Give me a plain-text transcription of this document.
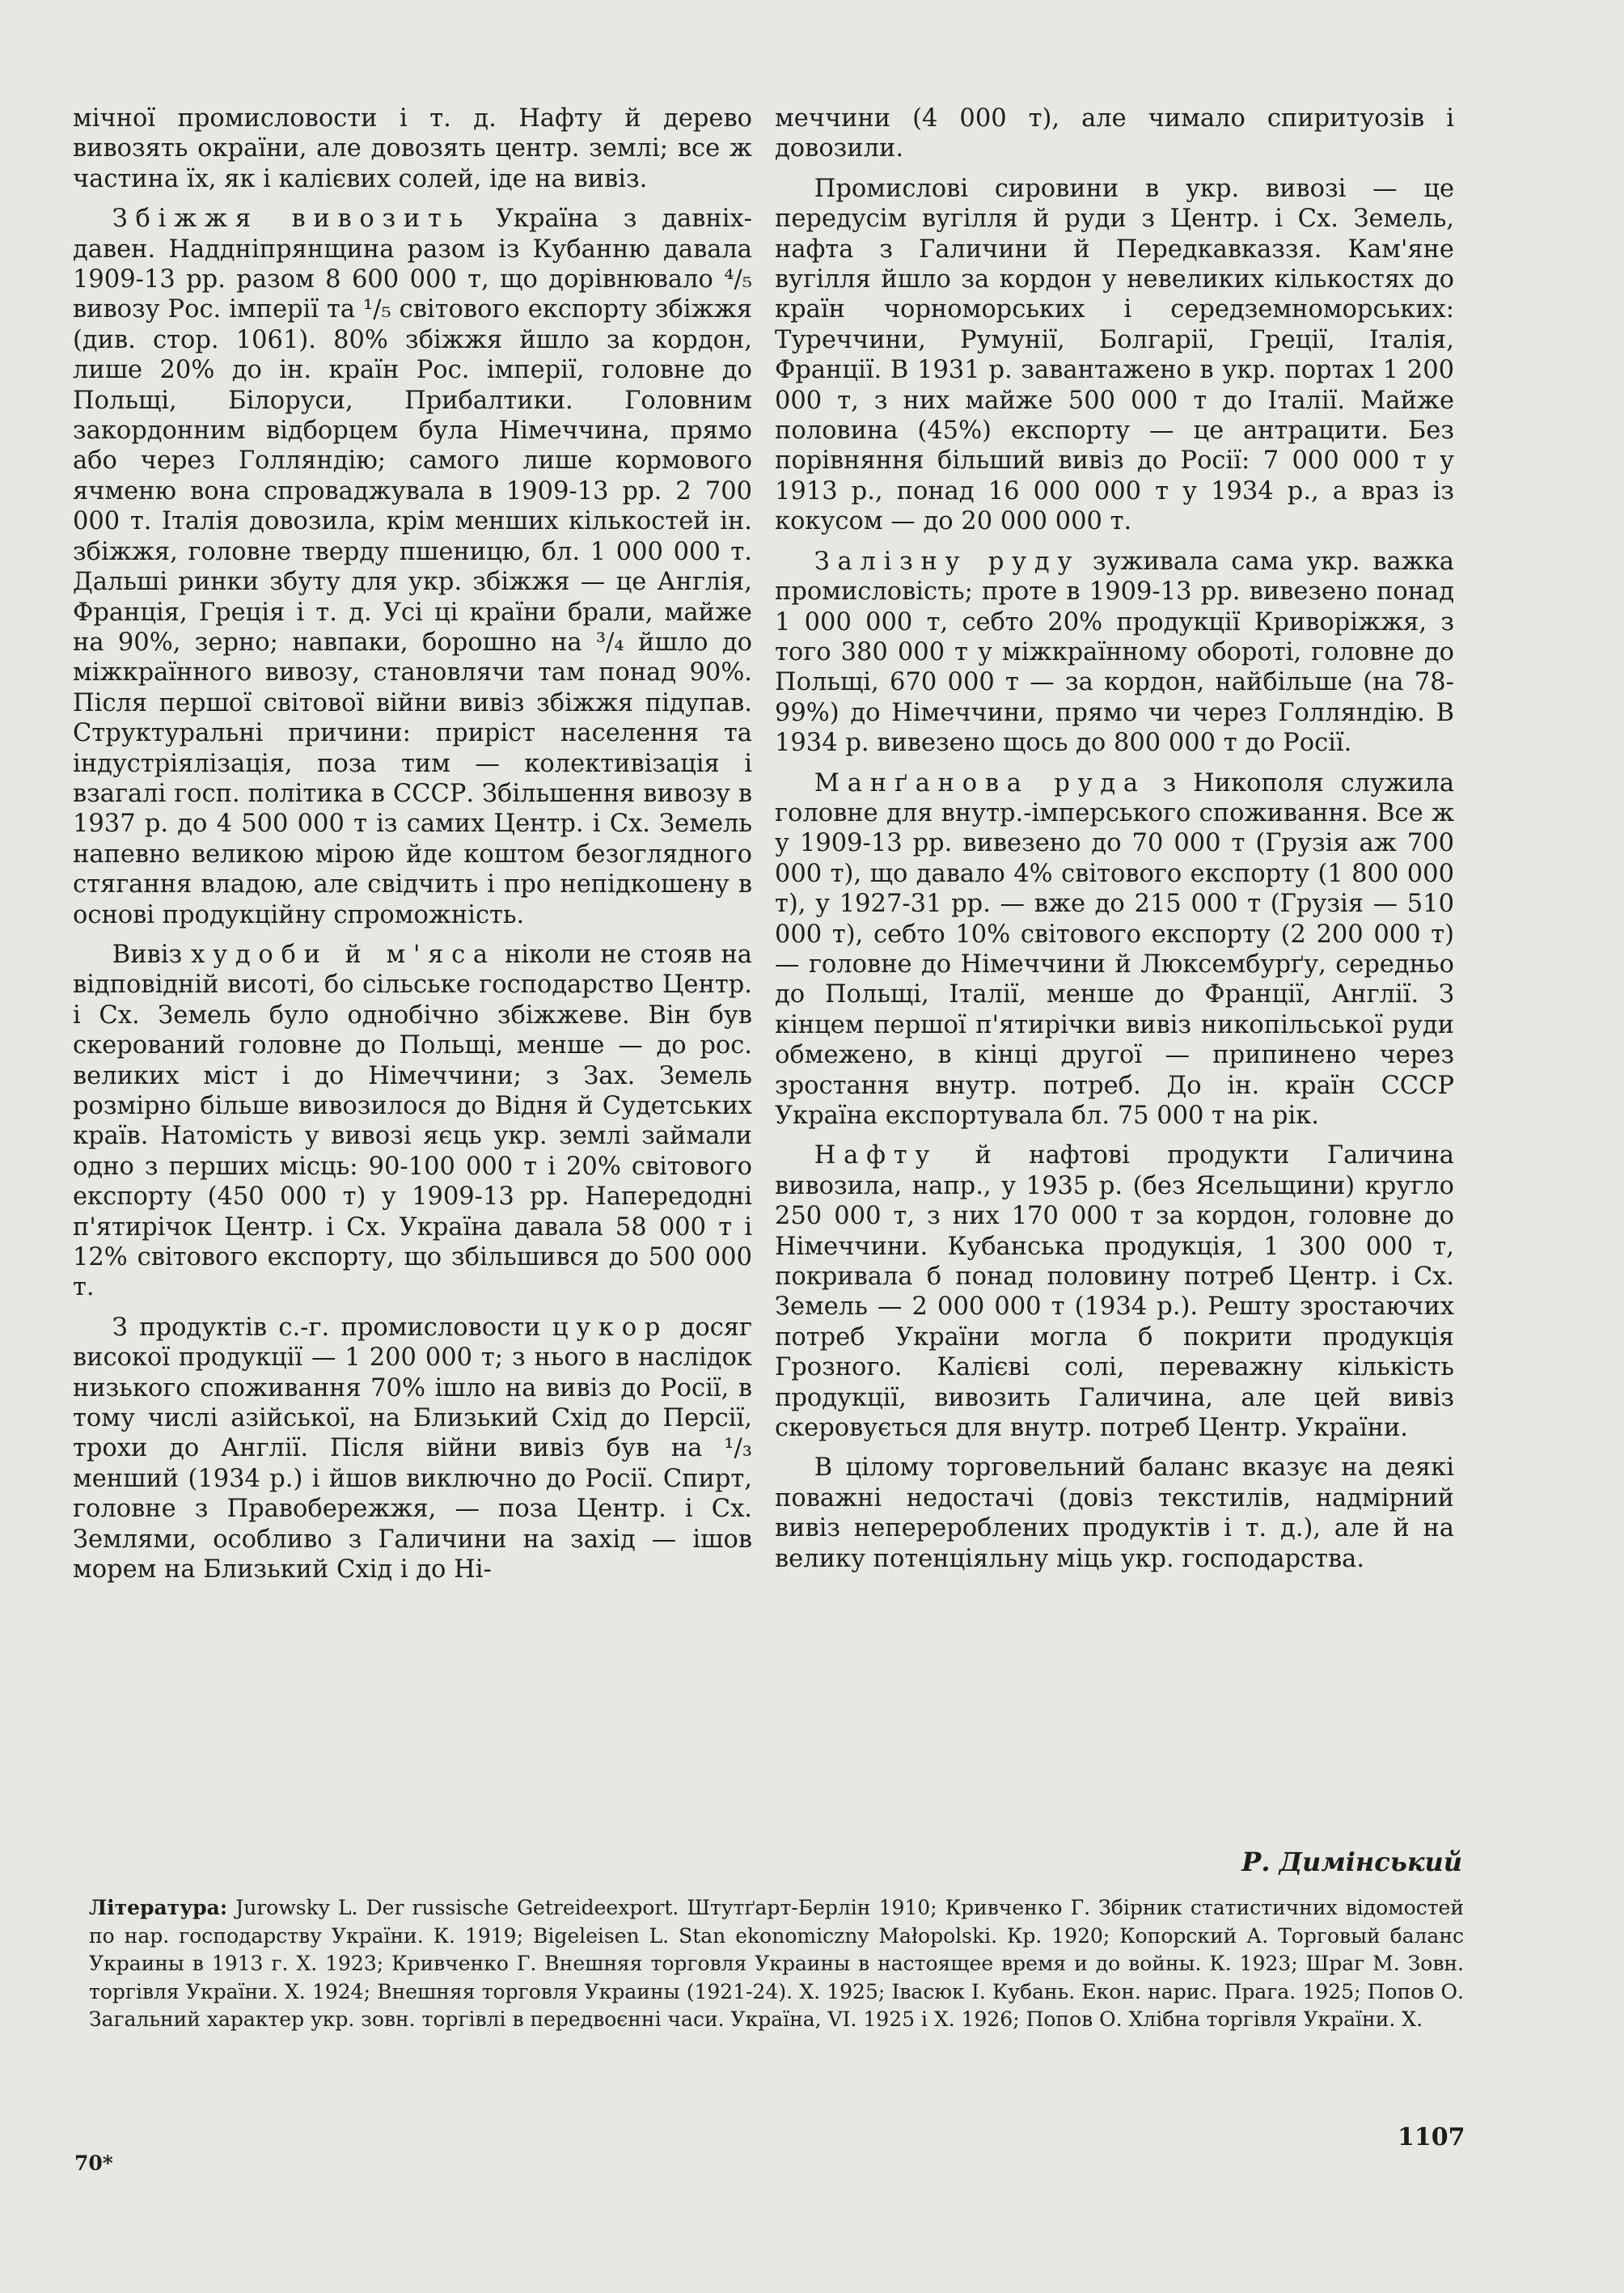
мічної промисловости і т. д. Нафту й дерево вивозять окраїни, але довозять центр. землі; все ж частина їх, як і калієвих солей, іде на вивіз.

Збіжжя вивозить Україна з давніх-давен. Наддніпрянщина разом із Кубанню давала 1909-13 рр. разом 8 600 000 т, що дорівнювало ⁴/₅ вивозу Рос. імперії та ¹/₅ світового експорту збіжжя (див. стор. 1061). 80% збіжжя йшло за кордон, лише 20% до ін. країн Рос. імперії, головне до Польщі, Білоруси, Прибалтики. Головним закордонним відборцем була Німеччина, прямо або через Голляндію; самого лише кормового ячменю вона спроваджувала в 1909-13 рр. 2 700 000 т. Італія довозила, крім менших кількостей ін. збіжжя, головне тверду пшеницю, бл. 1 000 000 т. Дальші ринки збуту для укр. збіжжя — це Англія, Франція, Греція і т. д. Усі ці країни брали, майже на 90%, зерно; навпаки, борошно на ³/₄ йшло до міжкраїнного вивозу, становлячи там понад 90%. Після першої світової війни вивіз збіжжя підупав. Структуральні причини: приріст населення та індустріялізація, поза тим — колективізація і взагалі госп. політика в СССР. Збільшення вивозу в 1937 р. до 4 500 000 т із самих Центр. і Сх. Земель напевно великою мірою йде коштом безоглядного стягання владою, але свідчить і про непідкошену в основі продукційну спроможність.

Вивіз худоби й м'яса ніколи не стояв на відповідній висоті, бо сільське господарство Центр. і Сх. Земель було однобічно збіжжеве. Він був скерований головне до Польщі, менше — до рос. великих міст і до Німеччини; з Зах. Земель розмірно більше вивозилося до Відня й Судетських країв. Натомість у вивозі яєць укр. землі займали одно з перших місць: 90-100 000 т і 20% світового експорту (450 000 т) у 1909-13 рр. Напередодні п'ятирічок Центр. і Сх. Україна давала 58 000 т і 12% світового експорту, що збільшився до 500 000 т.

З продуктів с.-г. промисловости цукор досяг високої продукції — 1 200 000 т; з нього в наслідок низького споживання 70% ішло на вивіз до Росії, в тому числі азійської, на Близький Схід до Персії, трохи до Англії. Після війни вивіз був на ¹/₃ менший (1934 р.) і йшов виключно до Росії. Спирт, головне з Правобережжя, — поза Центр. і Сх. Землями, особливо з Галичини на захід — ішов морем на Близький Схід і до Ні-

меччини (4 000 т), але чимало спиритуозів і довозили.

Промислові сировини в укр. вивозі — це передусім вугілля й руди з Центр. і Сх. Земель, нафта з Галичини й Передкавказзя. Кам'яне вугілля йшло за кордон у невеликих кількостях до країн чорноморських і середземноморських: Туреччини, Румунії, Болгарії, Греції, Італія, Франції. В 1931 р. завантажено в укр. портах 1 200 000 т, з них майже 500 000 т до Італії. Майже половина (45%) експорту — це антрацити. Без порівняння більший вивіз до Росії: 7 000 000 т у 1913 р., понад 16 000 000 т у 1934 р., а враз із кокусом — до 20 000 000 т.

Залізну руду зуживала сама укр. важка промисловість; проте в 1909-13 рр. вивезено понад 1 000 000 т, себто 20% продукції Криворіжжя, з того 380 000 т у міжкраїнному обороті, головне до Польщі, 670 000 т — за кордон, найбільше (на 78-99%) до Німеччини, прямо чи через Голляндію. В 1934 р. вивезено щось до 800 000 т до Росії.

Манґанова руда з Никополя служила головне для внутр.-імперського споживання. Все ж у 1909-13 рр. вивезено до 70 000 т (Грузія аж 700 000 т), що давало 4% світового експорту (1 800 000 т), у 1927-31 рр. — вже до 215 000 т (Грузія — 510 000 т), себто 10% світового експорту (2 200 000 т) — головне до Німеччини й Люксембурґу, середньо до Польщі, Італії, менше до Франції, Англії. З кінцем першої п'ятирічки вивіз никопільської руди обмежено, в кінці другої — припинено через зростання внутр. потреб. До ін. країн СССР Україна експортувала бл. 75 000 т на рік.

Нафту й нафтові продукти Галичина вивозила, напр., у 1935 р. (без Ясельщини) кругло 250 000 т, з них 170 000 т за кордон, головне до Німеччини. Кубанська продукція, 1 300 000 т, покривала б понад половину потреб Центр. і Сх. Земель — 2 000 000 т (1934 р.). Решту зростаючих потреб України могла б покрити продукція Грозного. Калієві солі, переважну кількість продукції, вивозить Галичина, але цей вивіз скеровується для внутр. потреб Центр. України.

В цілому торговельний баланс вказує на деякі поважні недостачі (довіз текстилів, надмірний вивіз неперероблених продуктів і т. д.), але й на велику потенціяльну міць укр. господарства.

Р. Димінський
Література: Jurowsky L. Der russische Getreideexport. Штутґарт-Берлін 1910; Кривченко Г. Збірник статистичних відомостей по нар. господарству України. К. 1919; Bigeleisen L. Stan ekonomiczny Małopolski. Кр. 1920; Копорский А. Торговый баланс Украины в 1913 г. Х. 1923; Кривченко Г. Внешняя торговля Украины в настоящее время и до войны. К. 1923; Шраг М. Зовн. торгівля України. Х. 1924; Внешняя торговля Украины (1921-24). Х. 1925; Івасюк І. Кубань. Екон. нарис. Прага. 1925; Попов О. Загальний характер укр. зовн. торгівлі в передвоєнні часи. Україна, VI. 1925 і Х. 1926; Попов О. Хлібна торгівля України. Х.
70*
1107
